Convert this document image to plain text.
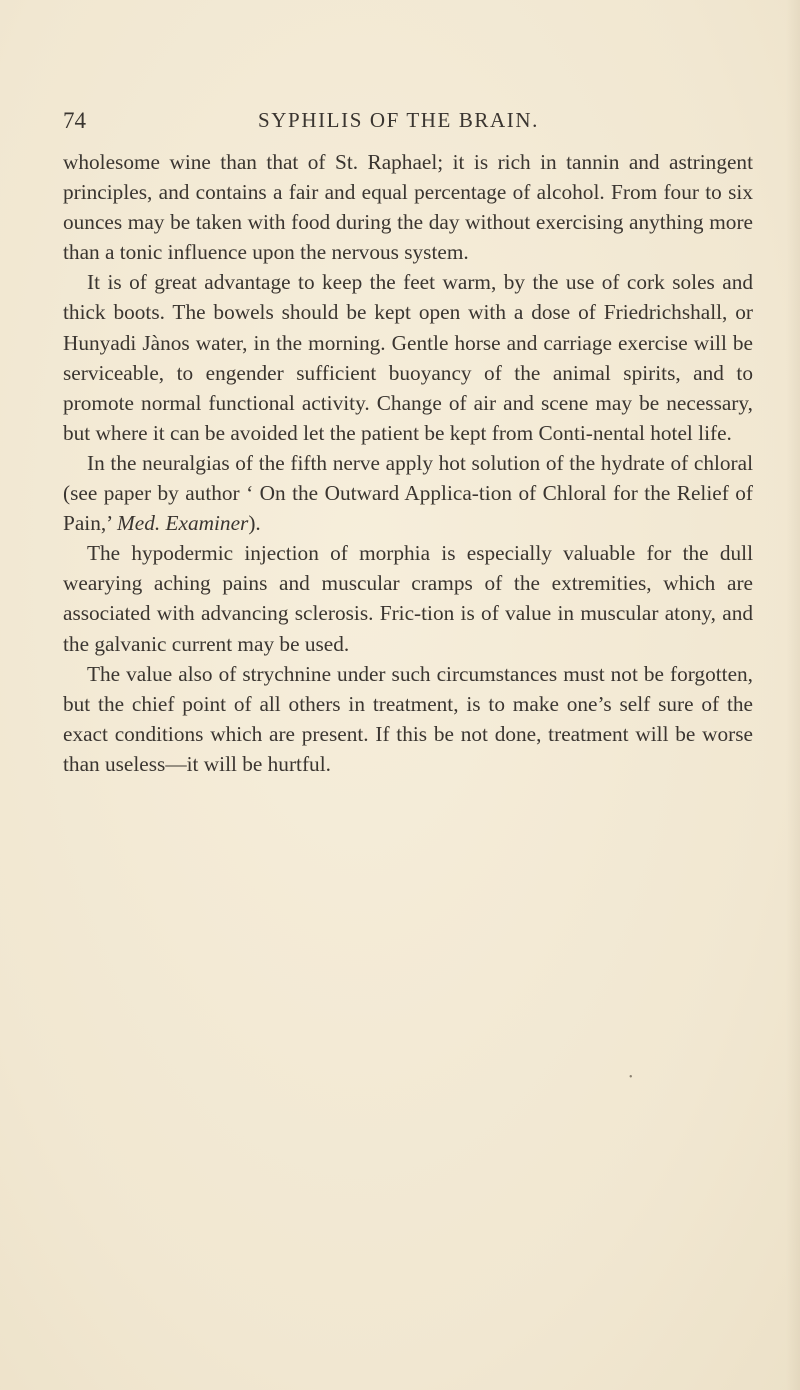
74	SYPHILIS OF THE BRAIN.

wholesome wine than that of St. Raphael; it is rich in tannin and astringent principles, and contains a fair and equal percentage of alcohol. From four to six ounces may be taken with food during the day without exercising anything more than a tonic influence upon the nervous system.

It is of great advantage to keep the feet warm, by the use of cork soles and thick boots. The bowels should be kept open with a dose of Friedrichshall, or Hunyadi Jànos water, in the morning. Gentle horse and carriage exercise will be serviceable, to engender sufficient buoyancy of the animal spirits, and to promote normal functional activity. Change of air and scene may be necessary, but where it can be avoided let the patient be kept from Conti-nental hotel life.

In the neuralgias of the fifth nerve apply hot solution of the hydrate of chloral (see paper by author ‘ On the Outward Applica-tion of Chloral for the Relief of Pain,’ Med. Examiner).

The hypodermic injection of morphia is especially valuable for the dull wearying aching pains and muscular cramps of the extremities, which are associated with advancing sclerosis. Fric-tion is of value in muscular atony, and the galvanic current may be used.

The value also of strychnine under such circumstances must not be forgotten, but the chief point of all others in treatment, is to make one’s self sure of the exact conditions which are present. If this be not done, treatment will be worse than useless—it will be hurtful.

•
